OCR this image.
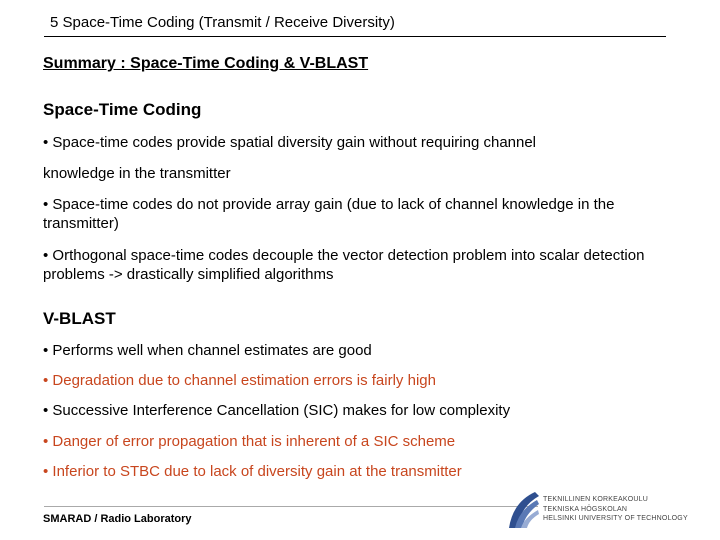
5 Space-Time Coding (Transmit / Receive Diversity)
Summary : Space-Time Coding & V-BLAST
Space-Time Coding
• Space-time codes provide spatial diversity gain without requiring channel
knowledge in the transmitter
• Space-time codes do not provide array gain (due to lack of channel knowledge in the transmitter)
• Orthogonal space-time codes decouple the vector detection problem into scalar detection problems -> drastically simplified algorithms
V-BLAST
• Performs well when channel estimates are good
• Degradation due to channel estimation errors is fairly high
• Successive Interference Cancellation (SIC) makes for low complexity
• Danger of error propagation that is inherent of a SIC scheme
• Inferior to STBC due to lack of diversity gain at the transmitter
SMARAD / Radio Laboratory
TEKNILLINEN KORKEAKOULU
TEKNISKA HÖGSKOLAN
HELSINKI UNIVERSITY OF TECHNOLOGY
